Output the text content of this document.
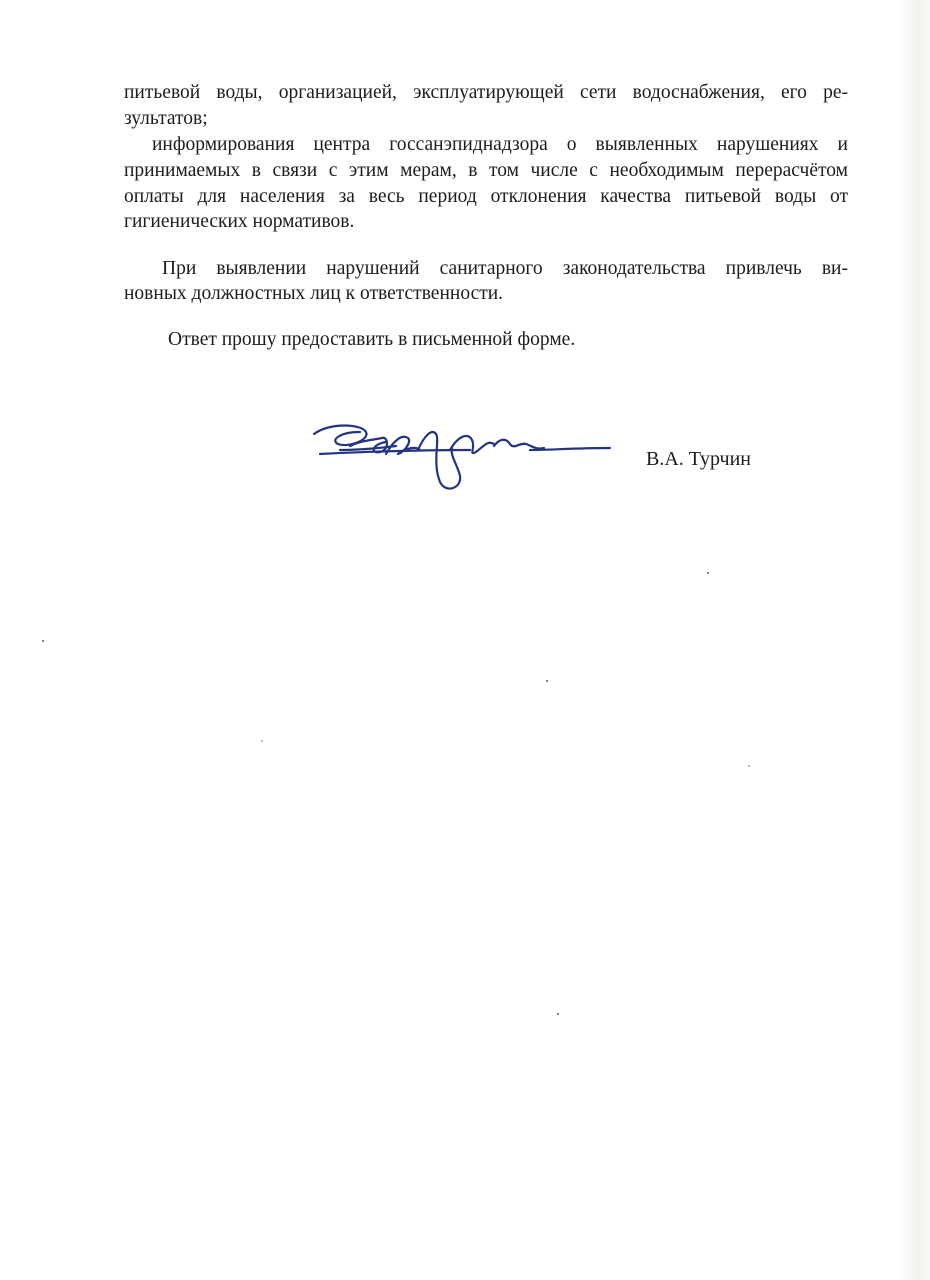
питьевой воды, организацией, эксплуатирующей сети водоснабжения, его ре-
зультатов;
информирования центра госсанэпиднадзора о выявленных нарушениях и
принимаемых в связи с этим мерам, в том числе с необходимым перерасчётом
оплаты для населения за весь период отклонения качества питьевой воды от
гигиенических нормативов.
При выявлении нарушений санитарного законодательства привлечь ви-
новных должностных лиц к ответственности.
Ответ прошу предоставить в письменной форме.
В.А. Турчин
